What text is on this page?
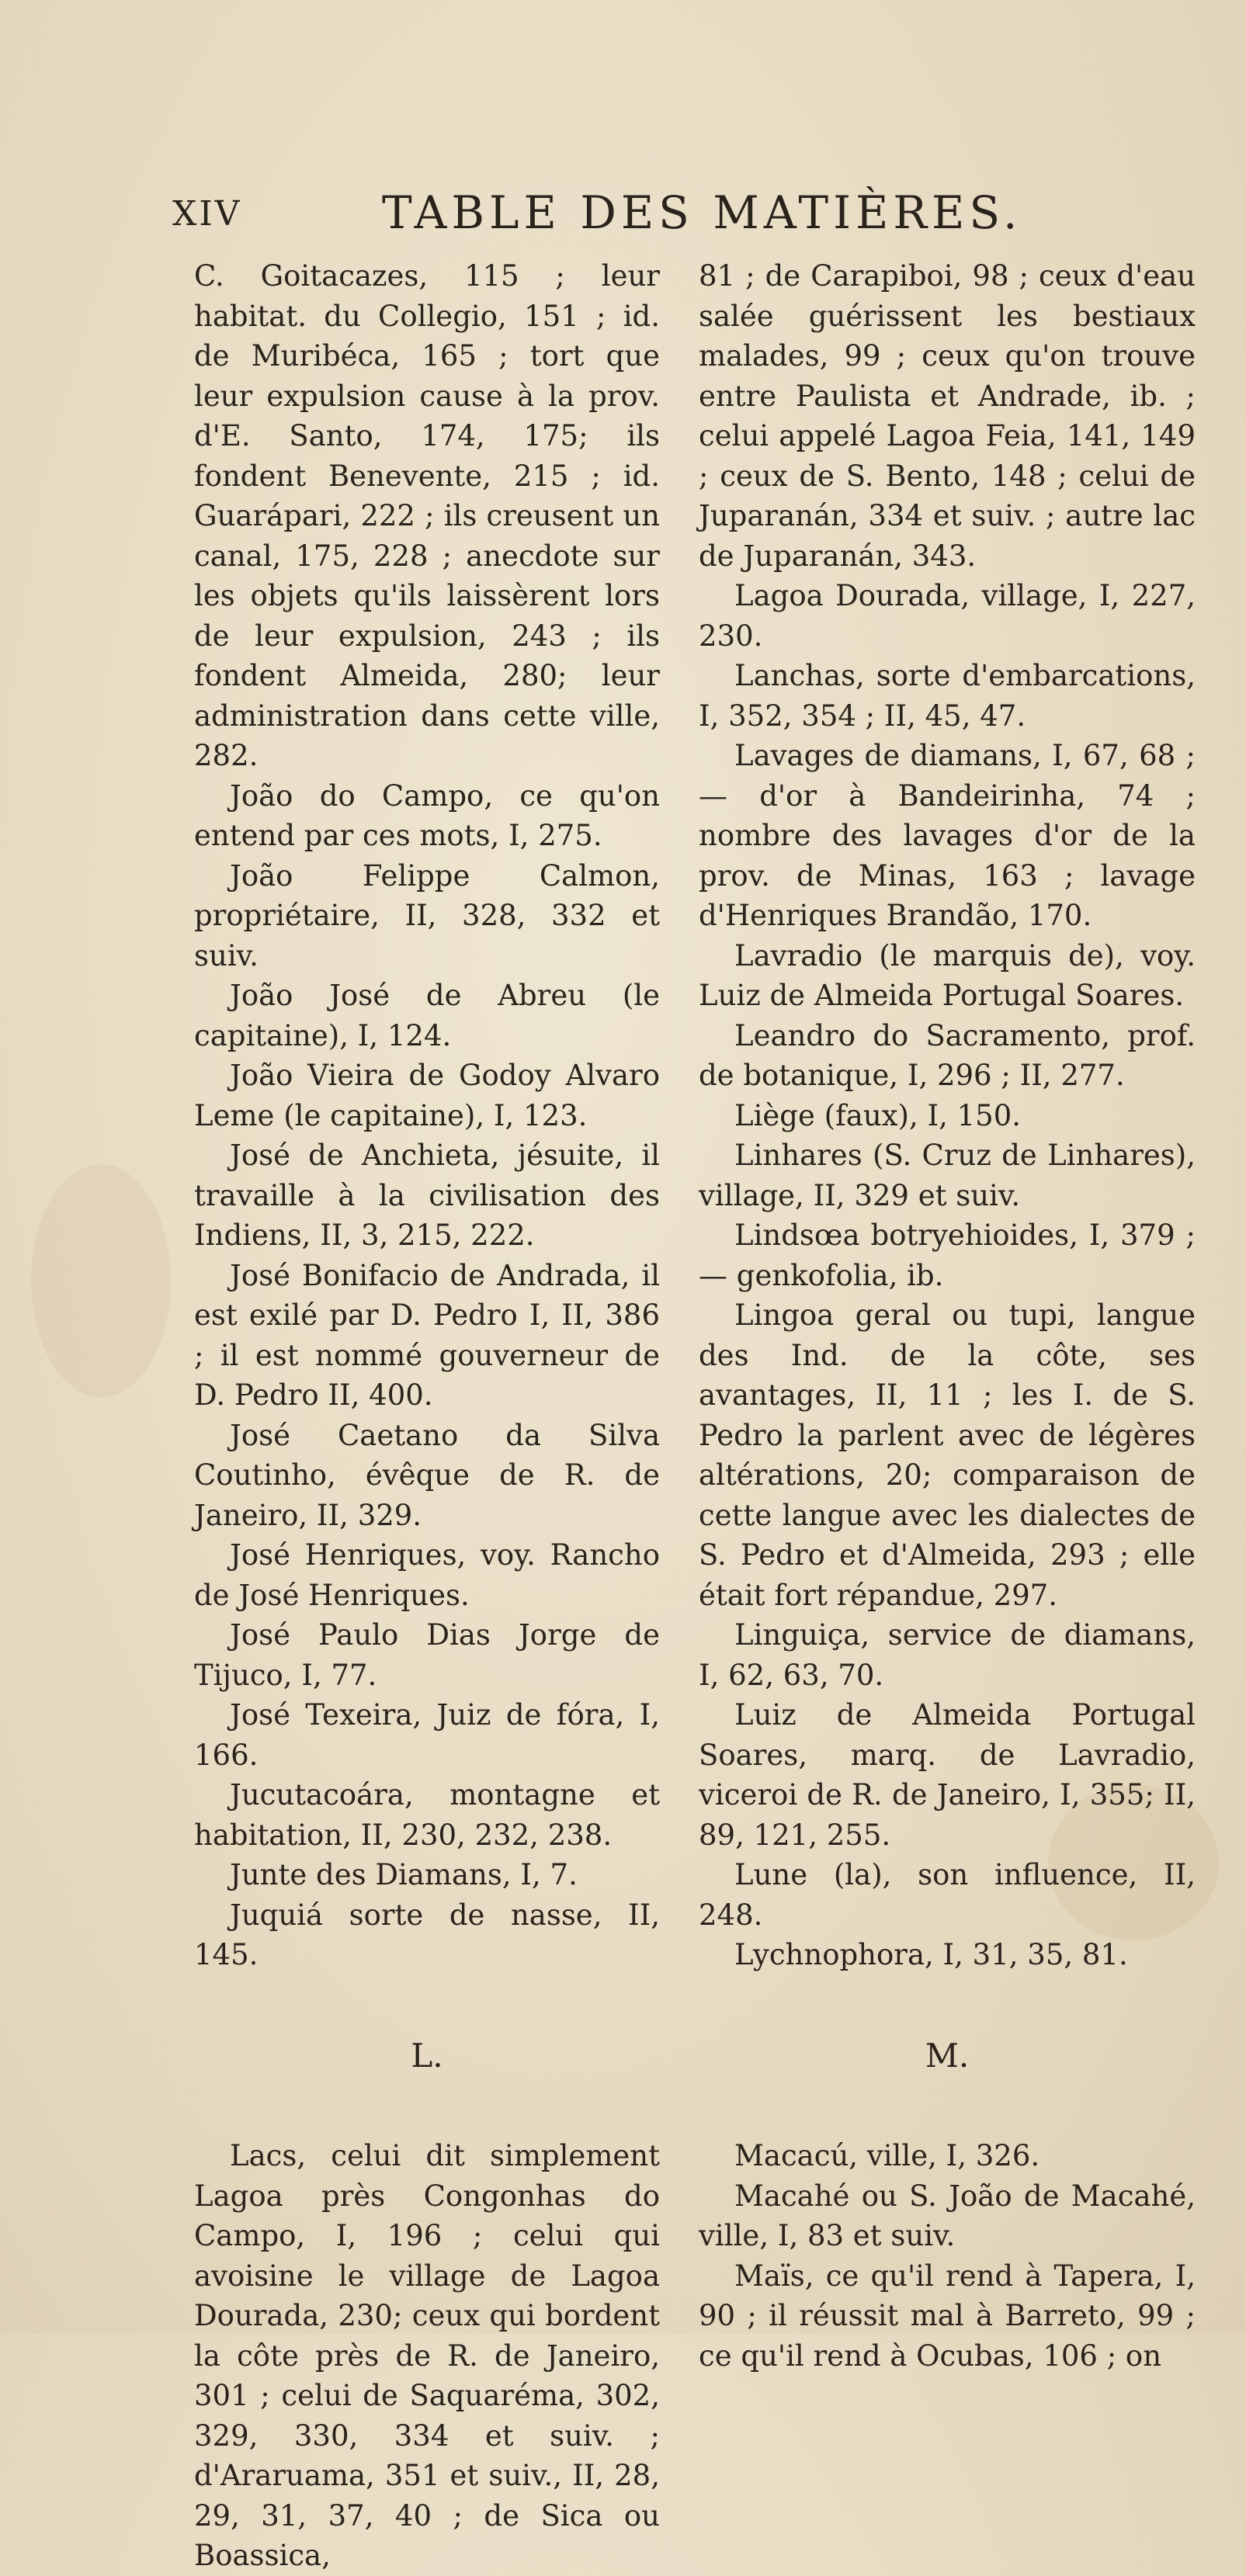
XIV	TABLE DES MATIÈRES.

C. Goitacazes, 115 ; leur habitat. du Collegio, 151 ; id. de Muribéca, 165 ; tort que leur expulsion cause à la prov. d'E. Santo, 174, 175; ils fondent Benevente, 215 ; id. Guarápari, 222 ; ils creusent un canal, 175, 228 ; anecdote sur les objets qu'ils laissèrent lors de leur expulsion, 243 ; ils fondent Almeida, 280; leur administration dans cette ville, 282.

João do Campo, ce qu'on entend par ces mots, I, 275.

João Felippe Calmon, propriétaire, II, 328, 332 et suiv.

João José de Abreu (le capitaine), I, 124.

João Vieira de Godoy Alvaro Leme (le capitaine), I, 123.

José de Anchieta, jésuite, il travaille à la civilisation des Indiens, II, 3, 215, 222.

José Bonifacio de Andrada, il est exilé par D. Pedro I, II, 386 ; il est nommé gouverneur de D. Pedro II, 400.

José Caetano da Silva Coutinho, évêque de R. de Janeiro, II, 329.

José Henriques, voy. Rancho de José Henriques.

José Paulo Dias Jorge de Tijuco, I, 77.

José Texeira, Juiz de fóra, I, 166.

Jucutacoára, montagne et habitation, II, 230, 232, 238.

Junte des Diamans, I, 7.

Juquiá sorte de nasse, II, 145.

L.

Lacs, celui dit simplement Lagoa près Congonhas do Campo, I, 196 ; celui qui avoisine le village de Lagoa Dourada, 230; ceux qui bordent la côte près de R. de Janeiro, 301 ; celui de Saquaréma, 302, 329, 330, 334 et suiv. ; d'Araruama, 351 et suiv., II, 28, 29, 31, 37, 40 ; de Sica ou Boassica,

81 ; de Carapiboi, 98 ; ceux d'eau salée guérissent les bestiaux malades, 99 ; ceux qu'on trouve entre Paulista et Andrade, ib. ; celui appelé Lagoa Feia, 141, 149 ; ceux de S. Bento, 148 ; celui de Juparanán, 334 et suiv. ; autre lac de Juparanán, 343.

Lagoa Dourada, village, I, 227, 230.

Lanchas, sorte d'embarcations, I, 352, 354 ; II, 45, 47.

Lavages de diamans, I, 67, 68 ; — d'or à Bandeirinha, 74 ; nombre des lavages d'or de la prov. de Minas, 163 ; lavage d'Henriques Brandão, 170.

Lavradio (le marquis de), voy. Luiz de Almeida Portugal Soares.

Leandro do Sacramento, prof. de botanique, I, 296 ; II, 277.

Liège (faux), I, 150.

Linhares (S. Cruz de Linhares), village, II, 329 et suiv.

Lindsœa botryehioides, I, 379 ; — genkofolia, ib.

Lingoa geral ou tupi, langue des Ind. de la côte, ses avantages, II, 11 ; les I. de S. Pedro la parlent avec de légères altérations, 20; comparaison de cette langue avec les dialectes de S. Pedro et d'Almeida, 293 ; elle était fort répandue, 297.

Linguiça, service de diamans, I, 62, 63, 70.

Luiz de Almeida Portugal Soares, marq. de Lavradio, viceroi de R. de Janeiro, I, 355; II, 89, 121, 255.

Lune (la), son influence, II, 248.

Lychnophora, I, 31, 35, 81.

M.

Macacú, ville, I, 326.

Macahé ou S. João de Macahé, ville, I, 83 et suiv.

Maïs, ce qu'il rend à Tapera, I, 90 ; il réussit mal à Barreto, 99 ; ce qu'il rend à Ocubas, 106 ; on
